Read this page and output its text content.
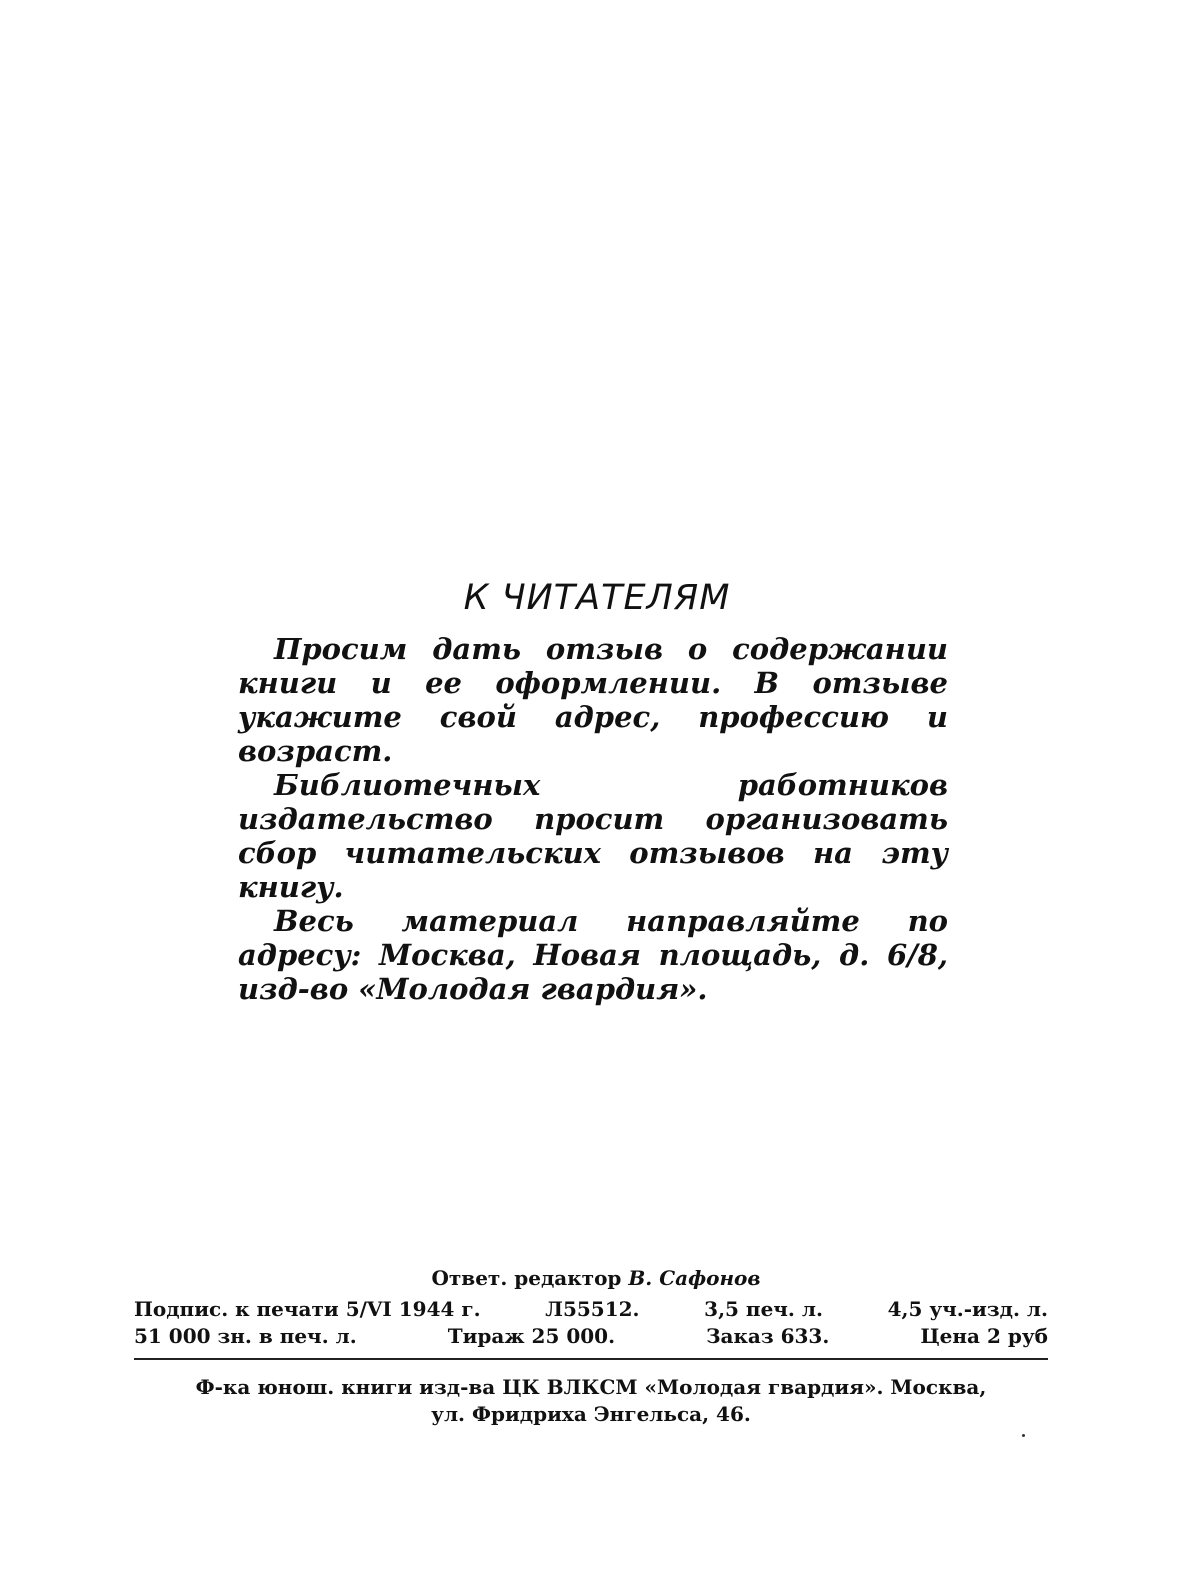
К ЧИТАТЕЛЯМ

Просим дать отзыв о содержании книги и ее оформлении. В отзыве укажите свой адрес, профессию и возраст.

Библиотечных работников издательство просит организовать сбор читательских отзывов на эту книгу.

Весь материал направляйте по адресу: Москва, Новая площадь, д. 6/8, изд-во «Молодая гвардия».

Ответ. редактор В. Сафонов
Подпис. к печати 5/VI 1944 г.	Л55512.	3,5 печ. л.	4,5 уч.-изд. л.
51 000 зн. в печ. л.	Тираж 25 000.	Заказ 633.	Цена 2 руб
Ф-ка юнош. книги изд-ва ЦК ВЛКСМ «Молодая гвардия». Москва,
ул. Фридриха Энгельса, 46.
